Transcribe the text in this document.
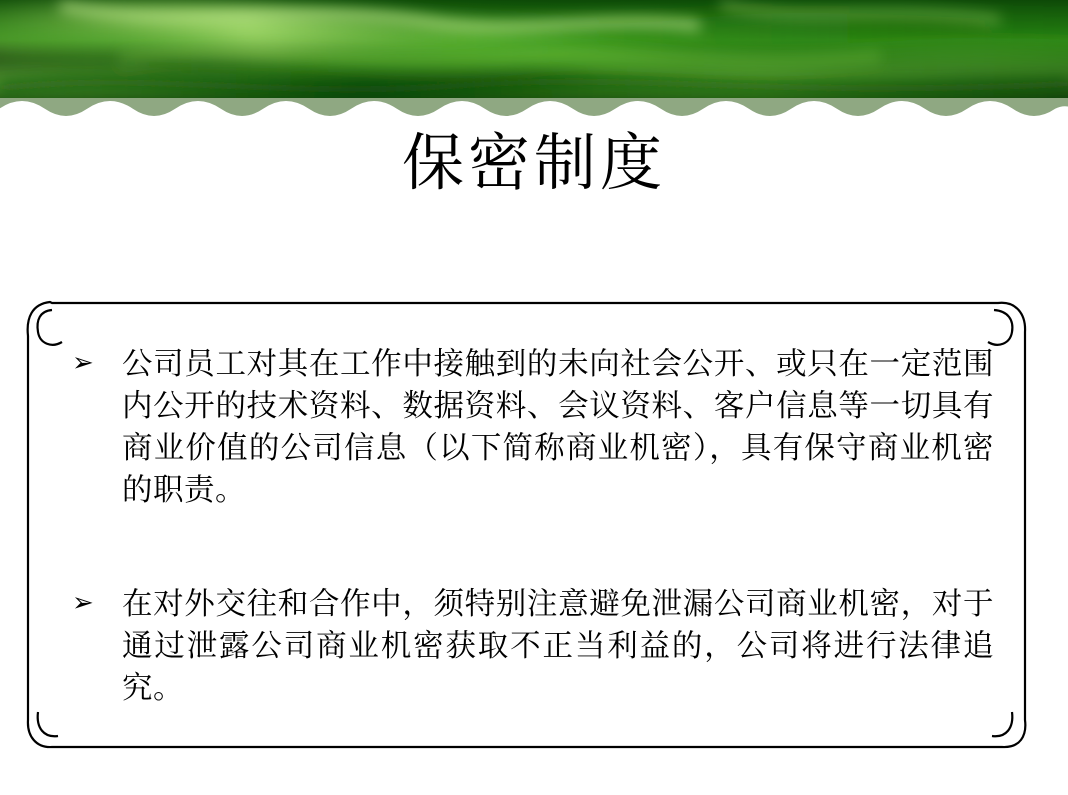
保密制度
➢ 公司员工对其在工作中接触到的未向社会公开、或只在一定范围内公开的技术资料、数据资料、会议资料、客户信息等一切具有商业价值的公司信息（以下简称商业机密），具有保守商业机密的职责。
➢ 在对外交往和合作中，须特别注意避免泄漏公司商业机密，对于通过泄露公司商业机密获取不正当利益的，公司将进行法律追究。
